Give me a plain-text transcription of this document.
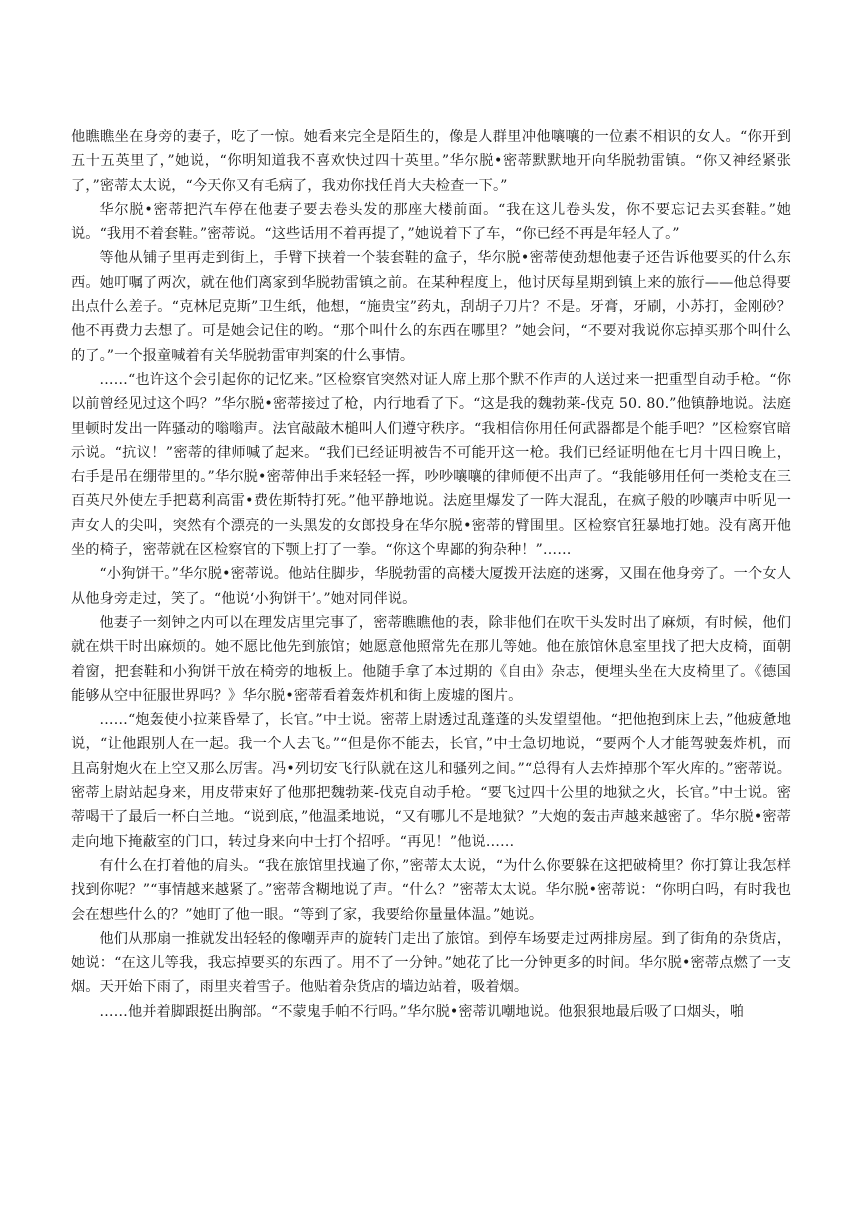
他瞧瞧坐在身旁的妻子，吃了一惊。她看来完全是陌生的，像是人群里冲他嚷嚷的一位素不相识的女人。“你开到五十五英里了，”她说，“你明知道我不喜欢快过四十英里。”华尔脱•密蒂默默地开向华脱勃雷镇。“你又神经紧张了，”密蒂太太说，“今天你又有毛病了，我劝你找任肖大夫检查一下。”

华尔脱•密蒂把汽车停在他妻子要去卷头发的那座大楼前面。“我在这儿卷头发，你不要忘记去买套鞋。”她说。“我用不着套鞋。”密蒂说。“这些话用不着再提了，”她说着下了车，“你已经不再是年轻人了。”

等他从铺子里再走到街上，手臂下挟着一个装套鞋的盒子，华尔脱•密蒂使劲想他妻子还告诉他要买的什么东西。她叮嘱了两次，就在他们离家到华脱勃雷镇之前。在某种程度上，他讨厌每星期到镇上来的旅行——他总得要出点什么差子。“克林尼克斯”卫生纸，他想，“施贵宝”药丸，刮胡子刀片？不是。牙膏，牙刷，小苏打，金刚砂？他不再费力去想了。可是她会记住的哟。“那个叫什么的东西在哪里？”她会问，“不要对我说你忘掉买那个叫什么的了。”一个报童喊着有关华脱勃雷审判案的什么事情。

……“也许这个会引起你的记忆来。”区检察官突然对证人席上那个默不作声的人送过来一把重型自动手枪。“你以前曾经见过这个吗？”华尔脱•密蒂接过了枪，内行地看了下。“这是我的魏勃莱-伐克 50. 80.”他镇静地说。法庭里顿时发出一阵骚动的嗡嗡声。法官敲敲木槌叫人们遵守秩序。“我相信你用任何武器都是个能手吧？”区检察官暗示说。“抗议！”密蒂的律师喊了起来。“我们已经证明被告不可能开这一枪。我们已经证明他在七月十四日晚上，右手是吊在绷带里的。”华尔脱•密蒂伸出手来轻轻一挥，吵吵嚷嚷的律师便不出声了。“我能够用任何一类枪支在三百英尺外使左手把葛利高雷•费佐斯特打死。”他平静地说。法庭里爆发了一阵大混乱，在疯子般的吵嚷声中听见一声女人的尖叫，突然有个漂亮的一头黑发的女郎投身在华尔脱•密蒂的臂围里。区检察官狂暴地打她。没有离开他坐的椅子，密蒂就在区检察官的下颚上打了一拳。“你这个卑鄙的狗杂种！”……

“小狗饼干。”华尔脱•密蒂说。他站住脚步，华脱勃雷的高楼大厦拨开法庭的迷雾，又围在他身旁了。一个女人从他身旁走过，笑了。“他说‘小狗饼干’。”她对同伴说。

他妻子一刻钟之内可以在理发店里完事了，密蒂瞧瞧他的表，除非他们在吹干头发时出了麻烦，有时候，他们就在烘干时出麻烦的。她不愿比他先到旅馆；她愿意他照常先在那儿等她。他在旅馆休息室里找了把大皮椅，面朝着窗，把套鞋和小狗饼干放在椅旁的地板上。他随手拿了本过期的《自由》杂志，便埋头坐在大皮椅里了。《德国能够从空中征服世界吗？》华尔脱•密蒂看着轰炸机和街上废墟的图片。

……“炮轰使小拉莱昏晕了，长官。”中士说。密蒂上尉透过乱蓬蓬的头发望望他。“把他抱到床上去，”他疲惫地说，“让他跟别人在一起。我一个人去飞。”“但是你不能去，长官，”中士急切地说，“要两个人才能驾驶轰炸机，而且高射炮火在上空又那么厉害。冯•列切安飞行队就在这儿和骚列之间。”“总得有人去炸掉那个军火库的。”密蒂说。密蒂上尉站起身来，用皮带束好了他那把魏勃莱-伐克自动手枪。“要飞过四十公里的地狱之火，长官。”中士说。密蒂喝干了最后一杯白兰地。“说到底，”他温柔地说，“又有哪儿不是地狱？”大炮的轰击声越来越密了。华尔脱•密蒂走向地下掩蔽室的门口，转过身来向中士打个招呼。“再见！”他说……

有什么在打着他的肩头。“我在旅馆里找遍了你，”密蒂太太说，“为什么你要躲在这把破椅里？你打算让我怎样找到你呢？”“事情越来越紧了。”密蒂含糊地说了声。“什么？”密蒂太太说。华尔脱•密蒂说：“你明白吗，有时我也会在想些什么的？”她盯了他一眼。“等到了家，我要给你量量体温。”她说。

他们从那扇一推就发出轻轻的像嘲弄声的旋转门走出了旅馆。到停车场要走过两排房屋。到了街角的杂货店，她说：“在这儿等我，我忘掉要买的东西了。用不了一分钟。”她花了比一分钟更多的时间。华尔脱•密蒂点燃了一支烟。天开始下雨了，雨里夹着雪子。他贴着杂货店的墙边站着，吸着烟。

……他并着脚跟挺出胸部。“不蒙鬼手帕不行吗。”华尔脱•密蒂讥嘲地说。他狠狠地最后吸了口烟头，啪
